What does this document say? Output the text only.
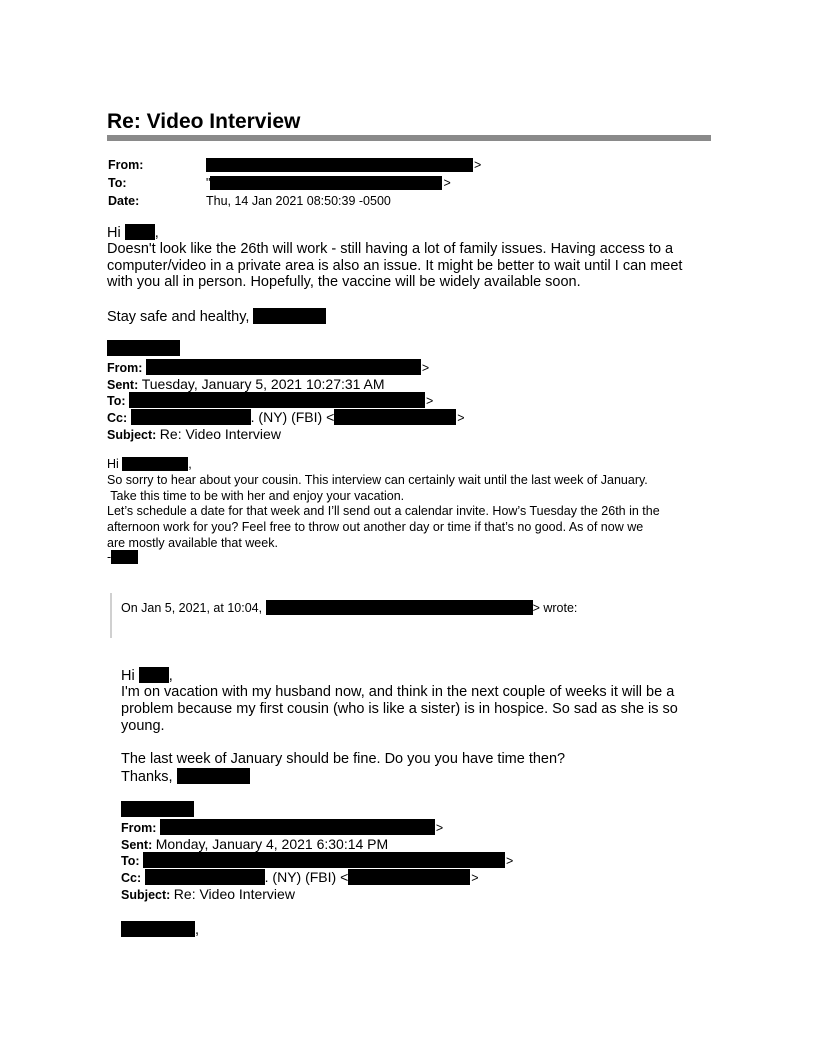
Re: Video Interview
From:	>
To:	"	>
Date:	Thu, 14 Jan 2021 08:50:39 -0500
Hi ,
Doesn't look like the 26th will work - still having a lot of family issues. Having access to a
computer/video in a private area is also an issue. It might be better to wait until I can meet
with you all in person. Hopefully, the vaccine will be widely available soon.
Stay safe and healthy,
From:	>
Sent: Tuesday, January 5, 2021 10:27:31 AM
To:	>
Cc:	. (NY) (FBI) <	>
Subject: Re: Video Interview
Hi	,
So sorry to hear about your cousin. This interview can certainly wait until the last week of January.
Take this time to be with her and enjoy your vacation.
Let’s schedule a date for that week and I’ll send out a calendar invite. How’s Tuesday the 26th in the
afternoon work for you? Feel free to throw out another day or time if that’s no good. As of now we
are mostly available that week.
-
On Jan 5, 2021, at 10:04,	> wrote:
Hi ,
I'm on vacation with my husband now, and think in the next couple of weeks it will be a
problem because my first cousin (who is like a sister) is in hospice. So sad as she is so
young.
The last week of January should be fine. Do you you have time then?
Thanks,
From:	>
Sent: Monday, January 4, 2021 6:30:14 PM
To:	>
Cc:	. (NY) (FBI) <	>
Subject: Re: Video Interview
,
